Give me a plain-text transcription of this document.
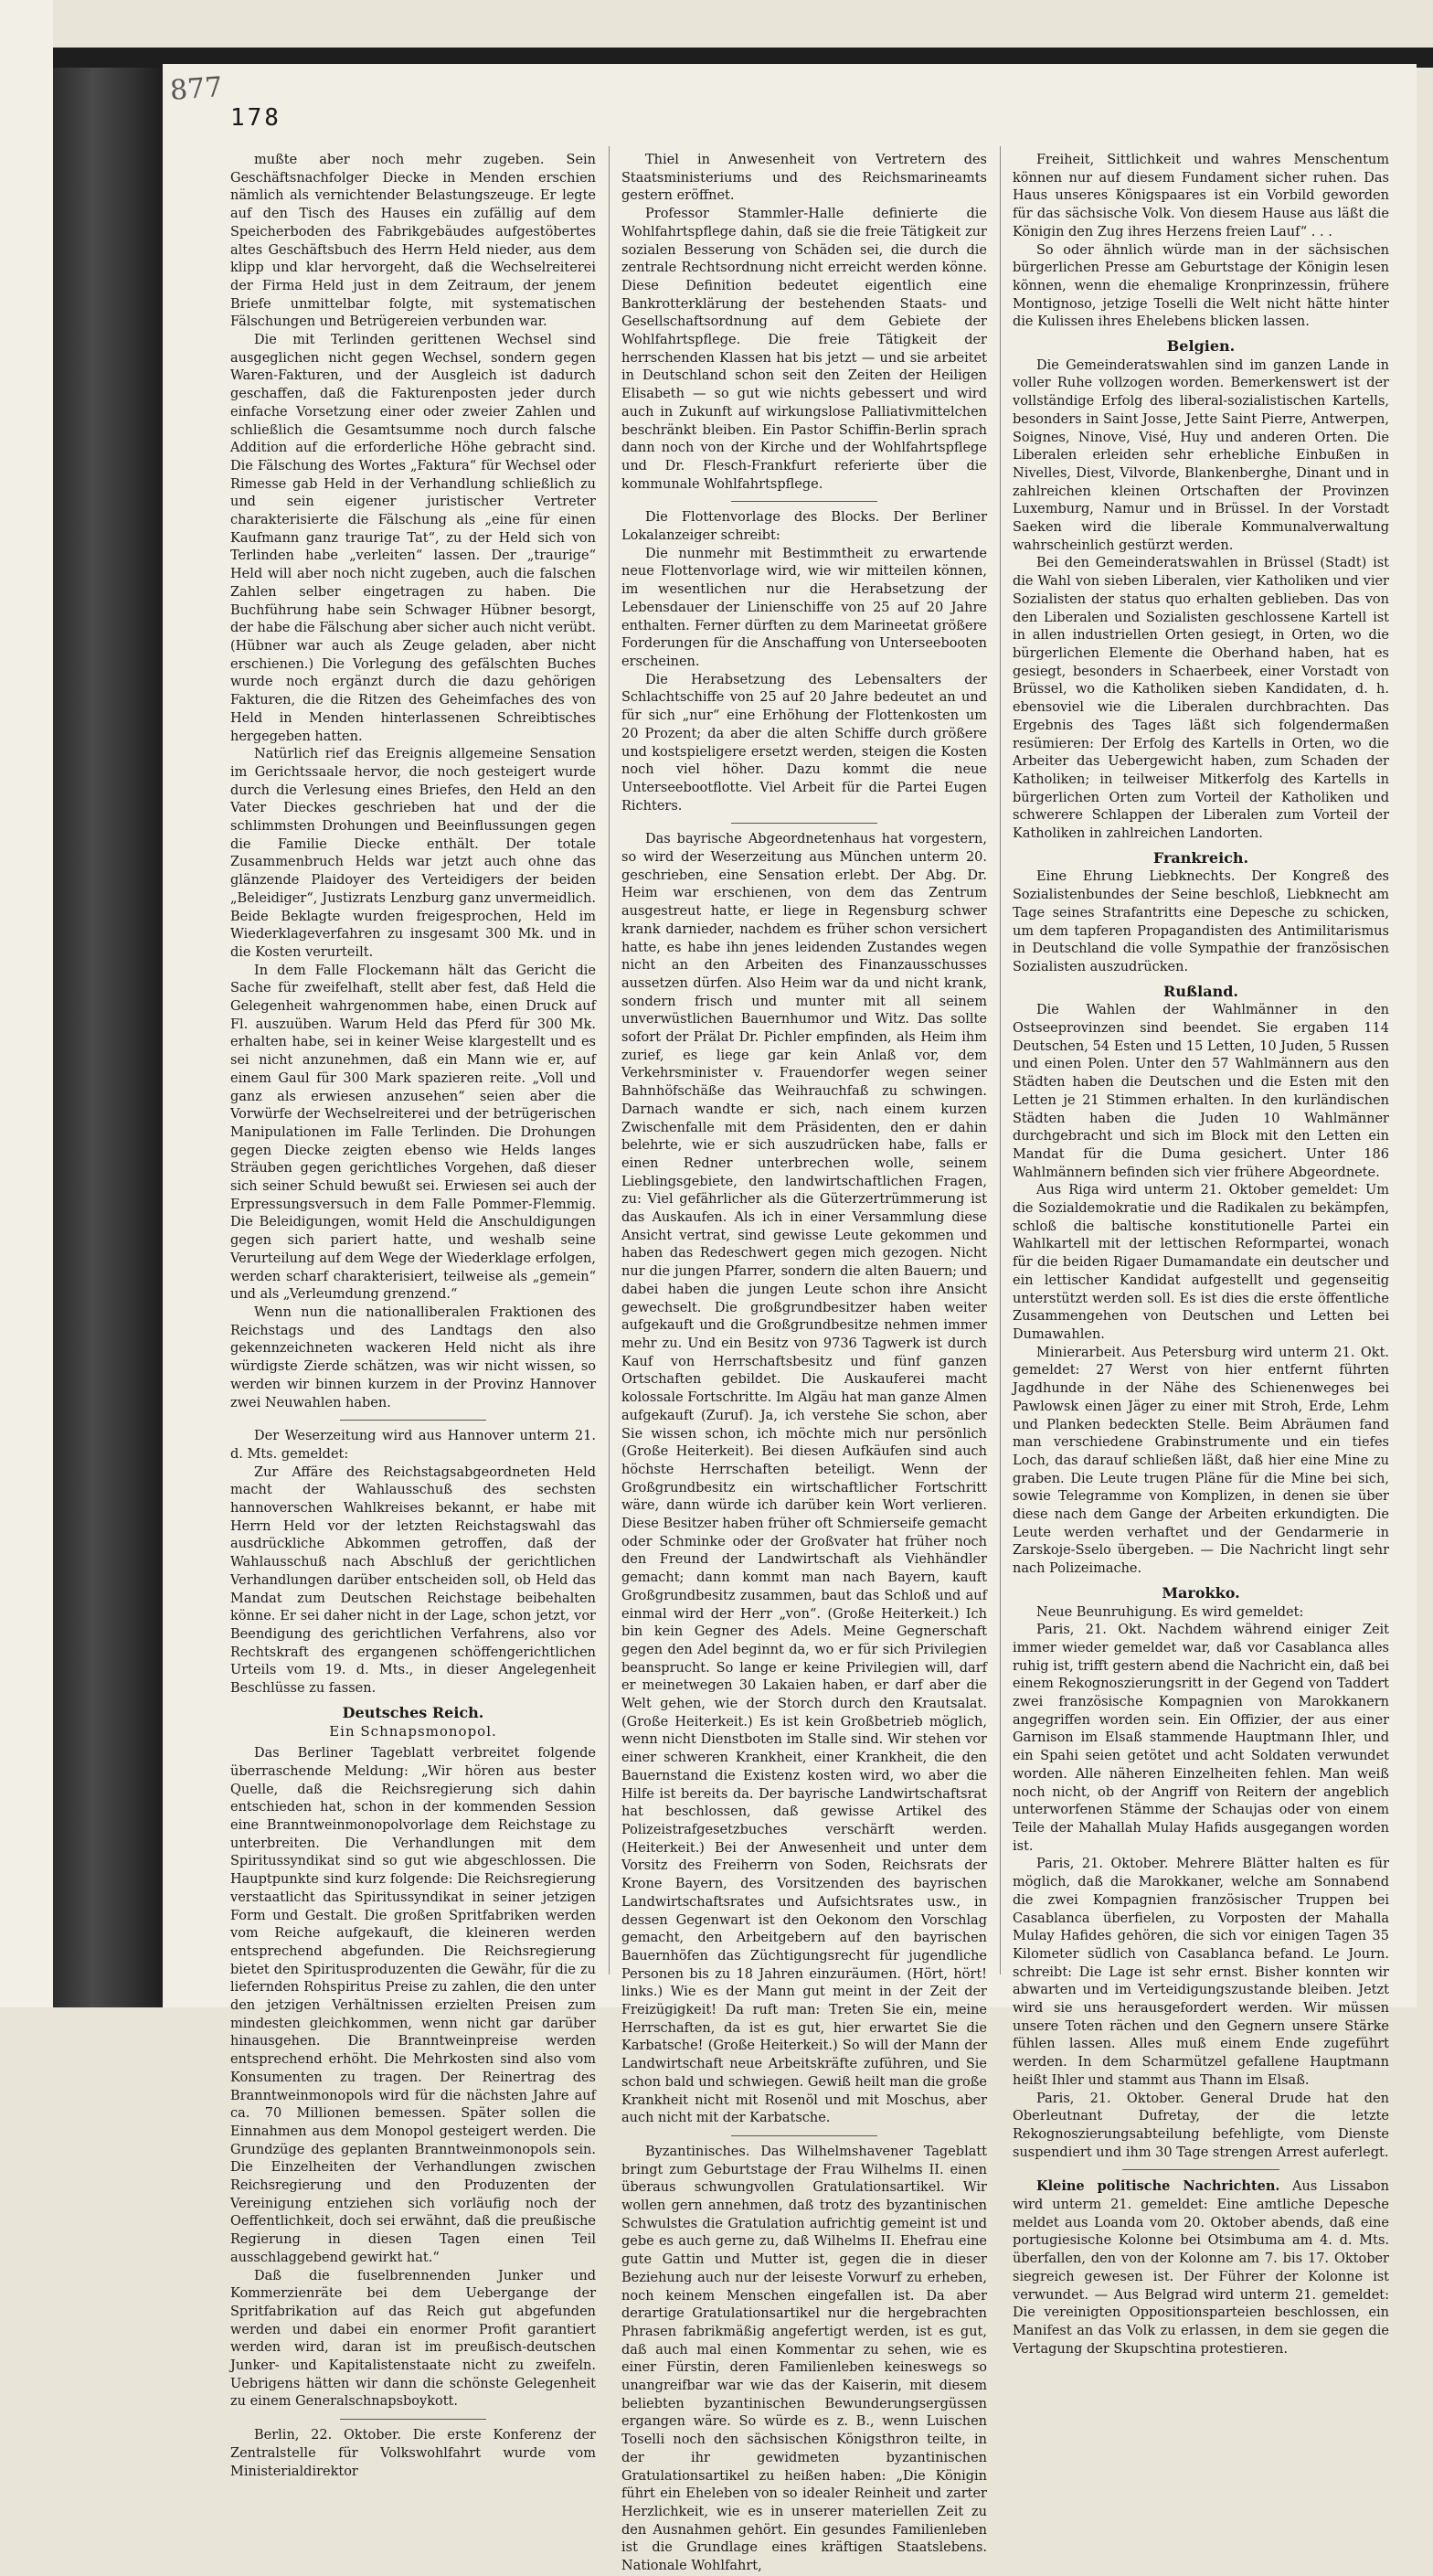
877
178

mußte aber noch mehr zugeben. Sein Geschäftsnachfolger Diecke in Menden erschien nämlich als vernichtender Belastungszeuge. Er legte auf den Tisch des Hauses ein zufällig auf dem Speicherboden des Fabrikgebäudes aufgestöbertes altes Geschäftsbuch des Herrn Held nieder, aus dem klipp und klar hervorgeht, daß die Wechselreiterei der Firma Held just in dem Zeitraum, der jenem Briefe unmittelbar folgte, mit systematischen Fälschungen und Betrügereien verbunden war.

Die mit Terlinden gerittenen Wechsel sind ausgeglichen nicht gegen Wechsel, sondern gegen Waren-Fakturen, und der Ausgleich ist dadurch geschaffen, daß die Fakturenposten jeder durch einfache Vorsetzung einer oder zweier Zahlen und schließlich die Gesamtsumme noch durch falsche Addition auf die erforderliche Höhe gebracht sind. Die Fälschung des Wortes „Faktura“ für Wechsel oder Rimesse gab Held in der Verhandlung schließlich zu und sein eigener juristischer Vertreter charakterisierte die Fälschung als „eine für einen Kaufmann ganz traurige Tat“, zu der Held sich von Terlinden habe „verleiten“ lassen. Der „traurige“ Held will aber noch nicht zugeben, auch die falschen Zahlen selber eingetragen zu haben. Die Buchführung habe sein Schwager Hübner besorgt, der habe die Fälschung aber sicher auch nicht verübt. (Hübner war auch als Zeuge geladen, aber nicht erschienen.) Die Vorlegung des gefälschten Buches wurde noch ergänzt durch die dazu gehörigen Fakturen, die die Ritzen des Geheimfaches des von Held in Menden hinterlassenen Schreibtisches hergegeben hatten.

Natürlich rief das Ereignis allgemeine Sensation im Gerichtssaale hervor, die noch gesteigert wurde durch die Verlesung eines Briefes, den Held an den Vater Dieckes geschrieben hat und der die schlimmsten Drohungen und Beeinflussungen gegen die Familie Diecke enthält. Der totale Zusammenbruch Helds war jetzt auch ohne das glänzende Plaidoyer des Verteidigers der beiden „Beleidiger“, Justizrats Lenzburg ganz unvermeidlich. Beide Beklagte wurden freigesprochen, Held im Wiederklageverfahren zu insgesamt 300 Mk. und in die Kosten verurteilt.

In dem Falle Flockemann hält das Gericht die Sache für zweifelhaft, stellt aber fest, daß Held die Gelegenheit wahrgenommen habe, einen Druck auf Fl. auszuüben. Warum Held das Pferd für 300 Mk. erhalten habe, sei in keiner Weise klargestellt und es sei nicht anzunehmen, daß ein Mann wie er, auf einem Gaul für 300 Mark spazieren reite. „Voll und ganz als erwiesen anzusehen“ seien aber die Vorwürfe der Wechselreiterei und der betrügerischen Manipulationen im Falle Terlinden. Die Drohungen gegen Diecke zeigten ebenso wie Helds langes Sträuben gegen gerichtliches Vorgehen, daß dieser sich seiner Schuld bewußt sei. Erwiesen sei auch der Erpressungsversuch in dem Falle Pommer-Flemmig. Die Beleidigungen, womit Held die Anschuldigungen gegen sich pariert hatte, und weshalb seine Verurteilung auf dem Wege der Wiederklage erfolgen, werden scharf charakterisiert, teilweise als „gemein“ und als „Verleumdung grenzend.“

Wenn nun die nationalliberalen Fraktionen des Reichstags und des Landtags den also gekennzeichneten wackeren Held nicht als ihre würdigste Zierde schätzen, was wir nicht wissen, so werden wir binnen kurzem in der Provinz Hannover zwei Neuwahlen haben.

Der Weserzeitung wird aus Hannover unterm 21. d. Mts. gemeldet:

Zur Affäre des Reichstagsabgeordneten Held macht der Wahlausschuß des sechsten hannoverschen Wahlkreises bekannt, er habe mit Herrn Held vor der letzten Reichstagswahl das ausdrückliche Abkommen getroffen, daß der Wahlausschuß nach Abschluß der gerichtlichen Verhandlungen darüber entscheiden soll, ob Held das Mandat zum Deutschen Reichstage beibehalten könne. Er sei daher nicht in der Lage, schon jetzt, vor Beendigung des gerichtlichen Verfahrens, also vor Rechtskraft des ergangenen schöffengerichtlichen Urteils vom 19. d. Mts., in dieser Angelegenheit Beschlüsse zu fassen.

Deutsches Reich.
Ein Schnapsmonopol.

Das Berliner Tageblatt verbreitet folgende überraschende Meldung: „Wir hören aus bester Quelle, daß die Reichsregierung sich dahin entschieden hat, schon in der kommenden Session eine Branntweinmonopolvorlage dem Reichstage zu unterbreiten. Die Verhandlungen mit dem Spiritussyndikat sind so gut wie abgeschlossen. Die Hauptpunkte sind kurz folgende: Die Reichsregierung verstaatlicht das Spiritussyndikat in seiner jetzigen Form und Gestalt. Die großen Spritfabriken werden vom Reiche aufgekauft, die kleineren werden entsprechend abgefunden. Die Reichsregierung bietet den Spiritusproduzenten die Gewähr, für die zu liefernden Rohspiritus Preise zu zahlen, die den unter den jetzigen Verhältnissen erzielten Preisen zum mindesten gleichkommen, wenn nicht gar darüber hinausgehen. Die Branntweinpreise werden entsprechend erhöht. Die Mehrkosten sind also vom Konsumenten zu tragen. Der Reinertrag des Branntweinmonopols wird für die nächsten Jahre auf ca. 70 Millionen bemessen. Später sollen die Einnahmen aus dem Monopol gesteigert werden. Die Grundzüge des geplanten Branntweinmonopols sein. Die Einzelheiten der Verhandlungen zwischen Reichsregierung und den Produzenten der Vereinigung entziehen sich vorläufig noch der Oeffentlichkeit, doch sei erwähnt, daß die preußische Regierung in diesen Tagen einen Teil ausschlaggebend gewirkt hat.“

Daß die fuselbrennenden Junker und Kommerzienräte bei dem Uebergange der Spritfabrikation auf das Reich gut abgefunden werden und dabei ein enormer Profit garantiert werden wird, daran ist im preußisch-deutschen Junker- und Kapitalistenstaate nicht zu zweifeln. Uebrigens hätten wir dann die schönste Gelegenheit zu einem Generalschnapsboykott.

Berlin, 22. Oktober. Die erste Konferenz der Zentralstelle für Volkswohlfahrt wurde vom Ministerialdirektor

Thiel in Anwesenheit von Vertretern des Staatsministeriums und des Reichsmarineamts gestern eröffnet.

Professor Stammler-Halle definierte die Wohlfahrtspflege dahin, daß sie die freie Tätigkeit zur sozialen Besserung von Schäden sei, die durch die zentrale Rechtsordnung nicht erreicht werden könne. Diese Definition bedeutet eigentlich eine Bankrotterklärung der bestehenden Staats- und Gesellschaftsordnung auf dem Gebiete der Wohlfahrtspflege. Die freie Tätigkeit der herrschenden Klassen hat bis jetzt — und sie arbeitet in Deutschland schon seit den Zeiten der Heiligen Elisabeth — so gut wie nichts gebessert und wird auch in Zukunft auf wirkungslose Palliativmittelchen beschränkt bleiben. Ein Pastor Schiffin-Berlin sprach dann noch von der Kirche und der Wohlfahrtspflege und Dr. Flesch-Frankfurt referierte über die kommunale Wohlfahrtspflege.

Die Flottenvorlage des Blocks. Der Berliner Lokalanzeiger schreibt:

Die nunmehr mit Bestimmtheit zu erwartende neue Flottenvorlage wird, wie wir mitteilen können, im wesentlichen nur die Herabsetzung der Lebensdauer der Linienschiffe von 25 auf 20 Jahre enthalten. Ferner dürften zu dem Marineetat größere Forderungen für die Anschaffung von Unterseebooten erscheinen.

Die Herabsetzung des Lebensalters der Schlachtschiffe von 25 auf 20 Jahre bedeutet an und für sich „nur“ eine Erhöhung der Flottenkosten um 20 Prozent; da aber die alten Schiffe durch größere und kostspieligere ersetzt werden, steigen die Kosten noch viel höher. Dazu kommt die neue Unterseebootflotte. Viel Arbeit für die Partei Eugen Richters.

Das bayrische Abgeordnetenhaus hat vorgestern, so wird der Weserzeitung aus München unterm 20. geschrieben, eine Sensation erlebt. Der Abg. Dr. Heim war erschienen, von dem das Zentrum ausgestreut hatte, er liege in Regensburg schwer krank darnieder, nachdem es früher schon versichert hatte, es habe ihn jenes leidenden Zustandes wegen nicht an den Arbeiten des Finanzausschusses aussetzen dürfen. Also Heim war da und nicht krank, sondern frisch und munter mit all seinem unverwüstlichen Bauernhumor und Witz. Das sollte sofort der Prälat Dr. Pichler empfinden, als Heim ihm zurief, es liege gar kein Anlaß vor, dem Verkehrsminister v. Frauendorfer wegen seiner Bahnhöfschäße das Weihrauchfaß zu schwingen. Darnach wandte er sich, nach einem kurzen Zwischenfalle mit dem Präsidenten, den er dahin belehrte, wie er sich auszudrücken habe, falls er einen Redner unterbrechen wolle, seinem Lieblingsgebiete, den landwirtschaftlichen Fragen, zu: Viel gefährlicher als die Güterzertrümmerung ist das Auskaufen. Als ich in einer Versammlung diese Ansicht vertrat, sind gewisse Leute gekommen und haben das Redeschwert gegen mich gezogen. Nicht nur die jungen Pfarrer, sondern die alten Bauern; und dabei haben die jungen Leute schon ihre Ansicht gewechselt. Die großgrundbesitzer haben weiter aufgekauft und die Großgrundbesitze nehmen immer mehr zu. Und ein Besitz von 9736 Tagwerk ist durch Kauf von Herrschaftsbesitz und fünf ganzen Ortschaften gebildet. Die Auskauferei macht kolossale Fortschritte. Im Algäu hat man ganze Almen aufgekauft (Zuruf). Ja, ich verstehe Sie schon, aber Sie wissen schon, ich möchte mich nur persönlich (Große Heiterkeit). Bei diesen Aufkäufen sind auch höchste Herrschaften beteiligt. Wenn der Großgrundbesitz ein wirtschaftlicher Fortschritt wäre, dann würde ich darüber kein Wort verlieren. Diese Besitzer haben früher oft Schmierseife gemacht oder Schminke oder der Großvater hat früher noch den Freund der Landwirtschaft als Viehhändler gemacht; dann kommt man nach Bayern, kauft Großgrundbesitz zusammen, baut das Schloß und auf einmal wird der Herr „von“. (Große Heiterkeit.) Ich bin kein Gegner des Adels. Meine Gegnerschaft gegen den Adel beginnt da, wo er für sich Privilegien beansprucht. So lange er keine Privilegien will, darf er meinetwegen 30 Lakaien haben, er darf aber die Welt gehen, wie der Storch durch den Krautsalat. (Große Heiterkeit.) Es ist kein Großbetrieb möglich, wenn nicht Dienstboten im Stalle sind. Wir stehen vor einer schweren Krankheit, einer Krankheit, die den Bauernstand die Existenz kosten wird, wo aber die Hilfe ist bereits da. Der bayrische Landwirtschaftsrat hat beschlossen, daß gewisse Artikel des Polizeistrafgesetzbuches verschärft werden. (Heiterkeit.) Bei der Anwesenheit und unter dem Vorsitz des Freiherrn von Soden, Reichsrats der Krone Bayern, des Vorsitzenden des bayrischen Landwirtschaftsrates und Aufsichtsrates usw., in dessen Gegenwart ist den Oekonom den Vorschlag gemacht, den Arbeitgebern auf den bayrischen Bauernhöfen das Züchtigungsrecht für jugendliche Personen bis zu 18 Jahren einzuräumen. (Hört, hört! links.) Wie es der Mann gut meint in der Zeit der Freizügigkeit! Da ruft man: Treten Sie ein, meine Herrschaften, da ist es gut, hier erwartet Sie die Karbatsche! (Große Heiterkeit.) So will der Mann der Landwirtschaft neue Arbeitskräfte zuführen, und Sie schon bald und schwiegen. Gewiß heilt man die große Krankheit nicht mit Rosenöl und mit Moschus, aber auch nicht mit der Karbatsche.

Byzantinisches. Das Wilhelmshavener Tageblatt bringt zum Geburtstage der Frau Wilhelms II. einen überaus schwungvollen Gratulationsartikel. Wir wollen gern annehmen, daß trotz des byzantinischen Schwulstes die Gratulation aufrichtig gemeint ist und gebe es auch gerne zu, daß Wilhelms II. Ehefrau eine gute Gattin und Mutter ist, gegen die in dieser Beziehung auch nur der leiseste Vorwurf zu erheben, noch keinem Menschen eingefallen ist. Da aber derartige Gratulationsartikel nur die hergebrachten Phrasen fabrikmäßig angefertigt werden, ist es gut, daß auch mal einen Kommentar zu sehen, wie es einer Fürstin, deren Familienleben keineswegs so unangreifbar war wie das der Kaiserin, mit diesem beliebten byzantinischen Bewunderungsergüssen ergangen wäre. So würde es z. B., wenn Luischen Toselli noch den sächsischen Königsthron teilte, in der ihr gewidmeten byzantinischen Gratulationsartikel zu heißen haben: „Die Königin führt ein Eheleben von so idealer Reinheit und zarter Herzlichkeit, wie es in unserer materiellen Zeit zu den Ausnahmen gehört. Ein gesundes Familienleben ist die Grundlage eines kräftigen Staatslebens. Nationale Wohlfahrt,

Freiheit, Sittlichkeit und wahres Menschentum können nur auf diesem Fundament sicher ruhen. Das Haus unseres Königspaares ist ein Vorbild geworden für das sächsische Volk. Von diesem Hause aus läßt die Königin den Zug ihres Herzens freien Lauf“ . . .

So oder ähnlich würde man in der sächsischen bürgerlichen Presse am Geburtstage der Königin lesen können, wenn die ehemalige Kronprinzessin, frühere Montignoso, jetzige Toselli die Welt nicht hätte hinter die Kulissen ihres Ehelebens blicken lassen.

Belgien.

Die Gemeinderatswahlen sind im ganzen Lande in voller Ruhe vollzogen worden. Bemerkenswert ist der vollständige Erfolg des liberal-sozialistischen Kartells, besonders in Saint Josse, Jette Saint Pierre, Antwerpen, Soignes, Ninove, Visé, Huy und anderen Orten. Die Liberalen erleiden sehr erhebliche Einbußen in Nivelles, Diest, Vilvorde, Blankenberghe, Dinant und in zahlreichen kleinen Ortschaften der Provinzen Luxemburg, Namur und in Brüssel. In der Vorstadt Saeken wird die liberale Kommunalverwaltung wahrscheinlich gestürzt werden.

Bei den Gemeinderatswahlen in Brüssel (Stadt) ist die Wahl von sieben Liberalen, vier Katholiken und vier Sozialisten der status quo erhalten geblieben. Das von den Liberalen und Sozialisten geschlossene Kartell ist in allen industriellen Orten gesiegt, in Orten, wo die bürgerlichen Elemente die Oberhand haben, hat es gesiegt, besonders in Schaerbeek, einer Vorstadt von Brüssel, wo die Katholiken sieben Kandidaten, d. h. ebensoviel wie die Liberalen durchbrachten. Das Ergebnis des Tages läßt sich folgendermaßen resümieren: Der Erfolg des Kartells in Orten, wo die Arbeiter das Uebergewicht haben, zum Schaden der Katholiken; in teilweiser Mitkerfolg des Kartells in bürgerlichen Orten zum Vorteil der Katholiken und schwerere Schlappen der Liberalen zum Vorteil der Katholiken in zahlreichen Landorten.

Frankreich.

Eine Ehrung Liebknechts. Der Kongreß des Sozialistenbundes der Seine beschloß, Liebknecht am Tage seines Strafantritts eine Depesche zu schicken, um dem tapferen Propagandisten des Antimilitarismus in Deutschland die volle Sympathie der französischen Sozialisten auszudrücken.

Rußland.

Die Wahlen der Wahlmänner in den Ostseeprovinzen sind beendet. Sie ergaben 114 Deutschen, 54 Esten und 15 Letten, 10 Juden, 5 Russen und einen Polen. Unter den 57 Wahlmännern aus den Städten haben die Deutschen und die Esten mit den Letten je 21 Stimmen erhalten. In den kurländischen Städten haben die Juden 10 Wahlmänner durchgebracht und sich im Block mit den Letten ein Mandat für die Duma gesichert. Unter 186 Wahlmännern befinden sich vier frühere Abgeordnete.

Aus Riga wird unterm 21. Oktober gemeldet: Um die Sozialdemokratie und die Radikalen zu bekämpfen, schloß die baltische konstitutionelle Partei ein Wahlkartell mit der lettischen Reformpartei, wonach für die beiden Rigaer Dumamandate ein deutscher und ein lettischer Kandidat aufgestellt und gegenseitig unterstützt werden soll. Es ist dies die erste öffentliche Zusammengehen von Deutschen und Letten bei Dumawahlen.

Minierarbeit. Aus Petersburg wird unterm 21. Okt. gemeldet: 27 Werst von hier entfernt führten Jagdhunde in der Nähe des Schienenweges bei Pawlowsk einen Jäger zu einer mit Stroh, Erde, Lehm und Planken bedeckten Stelle. Beim Abräumen fand man verschiedene Grabinstrumente und ein tiefes Loch, das darauf schließen läßt, daß hier eine Mine zu graben. Die Leute trugen Pläne für die Mine bei sich, sowie Telegramme von Komplizen, in denen sie über diese nach dem Gange der Arbeiten erkundigten. Die Leute werden verhaftet und der Gendarmerie in Zarskoje-Sselo übergeben. — Die Nachricht lingt sehr nach Polizeimache.

Marokko.

Neue Beunruhigung. Es wird gemeldet:

Paris, 21. Okt. Nachdem während einiger Zeit immer wieder gemeldet war, daß vor Casablanca alles ruhig ist, trifft gestern abend die Nachricht ein, daß bei einem Rekognoszierungsritt in der Gegend von Taddert zwei französische Kompagnien von Marokkanern angegriffen worden sein. Ein Offizier, der aus einer Garnison im Elsaß stammende Hauptmann Ihler, und ein Spahi seien getötet und acht Soldaten verwundet worden. Alle näheren Einzelheiten fehlen. Man weiß noch nicht, ob der Angriff von Reitern der angeblich unterworfenen Stämme der Schaujas oder von einem Teile der Mahallah Mulay Hafids ausgegangen worden ist.

Paris, 21. Oktober. Mehrere Blätter halten es für möglich, daß die Marokkaner, welche am Sonnabend die zwei Kompagnien französischer Truppen bei Casablanca überfielen, zu Vorposten der Mahalla Mulay Hafides gehören, die sich vor einigen Tagen 35 Kilometer südlich von Casablanca befand. Le Journ. schreibt: Die Lage ist sehr ernst. Bisher konnten wir abwarten und im Verteidigungszustande bleiben. Jetzt wird sie uns herausgefordert werden. Wir müssen unsere Toten rächen und den Gegnern unsere Stärke fühlen lassen. Alles muß einem Ende zugeführt werden. In dem Scharmützel gefallene Hauptmann heißt Ihler und stammt aus Thann im Elsaß.

Paris, 21. Oktober. General Drude hat den Oberleutnant Dufretay, der die letzte Rekognoszierungsabteilung befehligte, vom Dienste suspendiert und ihm 30 Tage strengen Arrest auferlegt.

Kleine politische Nachrichten. Aus Lissabon wird unterm 21. gemeldet: Eine amtliche Depesche meldet aus Loanda vom 20. Oktober abends, daß eine portugiesische Kolonne bei Otsimbuma am 4. d. Mts. überfallen, den von der Kolonne am 7. bis 17. Oktober siegreich gewesen ist. Der Führer der Kolonne ist verwundet. — Aus Belgrad wird unterm 21. gemeldet: Die vereinigten Oppositionsparteien beschlossen, ein Manifest an das Volk zu erlassen, in dem sie gegen die Vertagung der Skupschtina protestieren.
